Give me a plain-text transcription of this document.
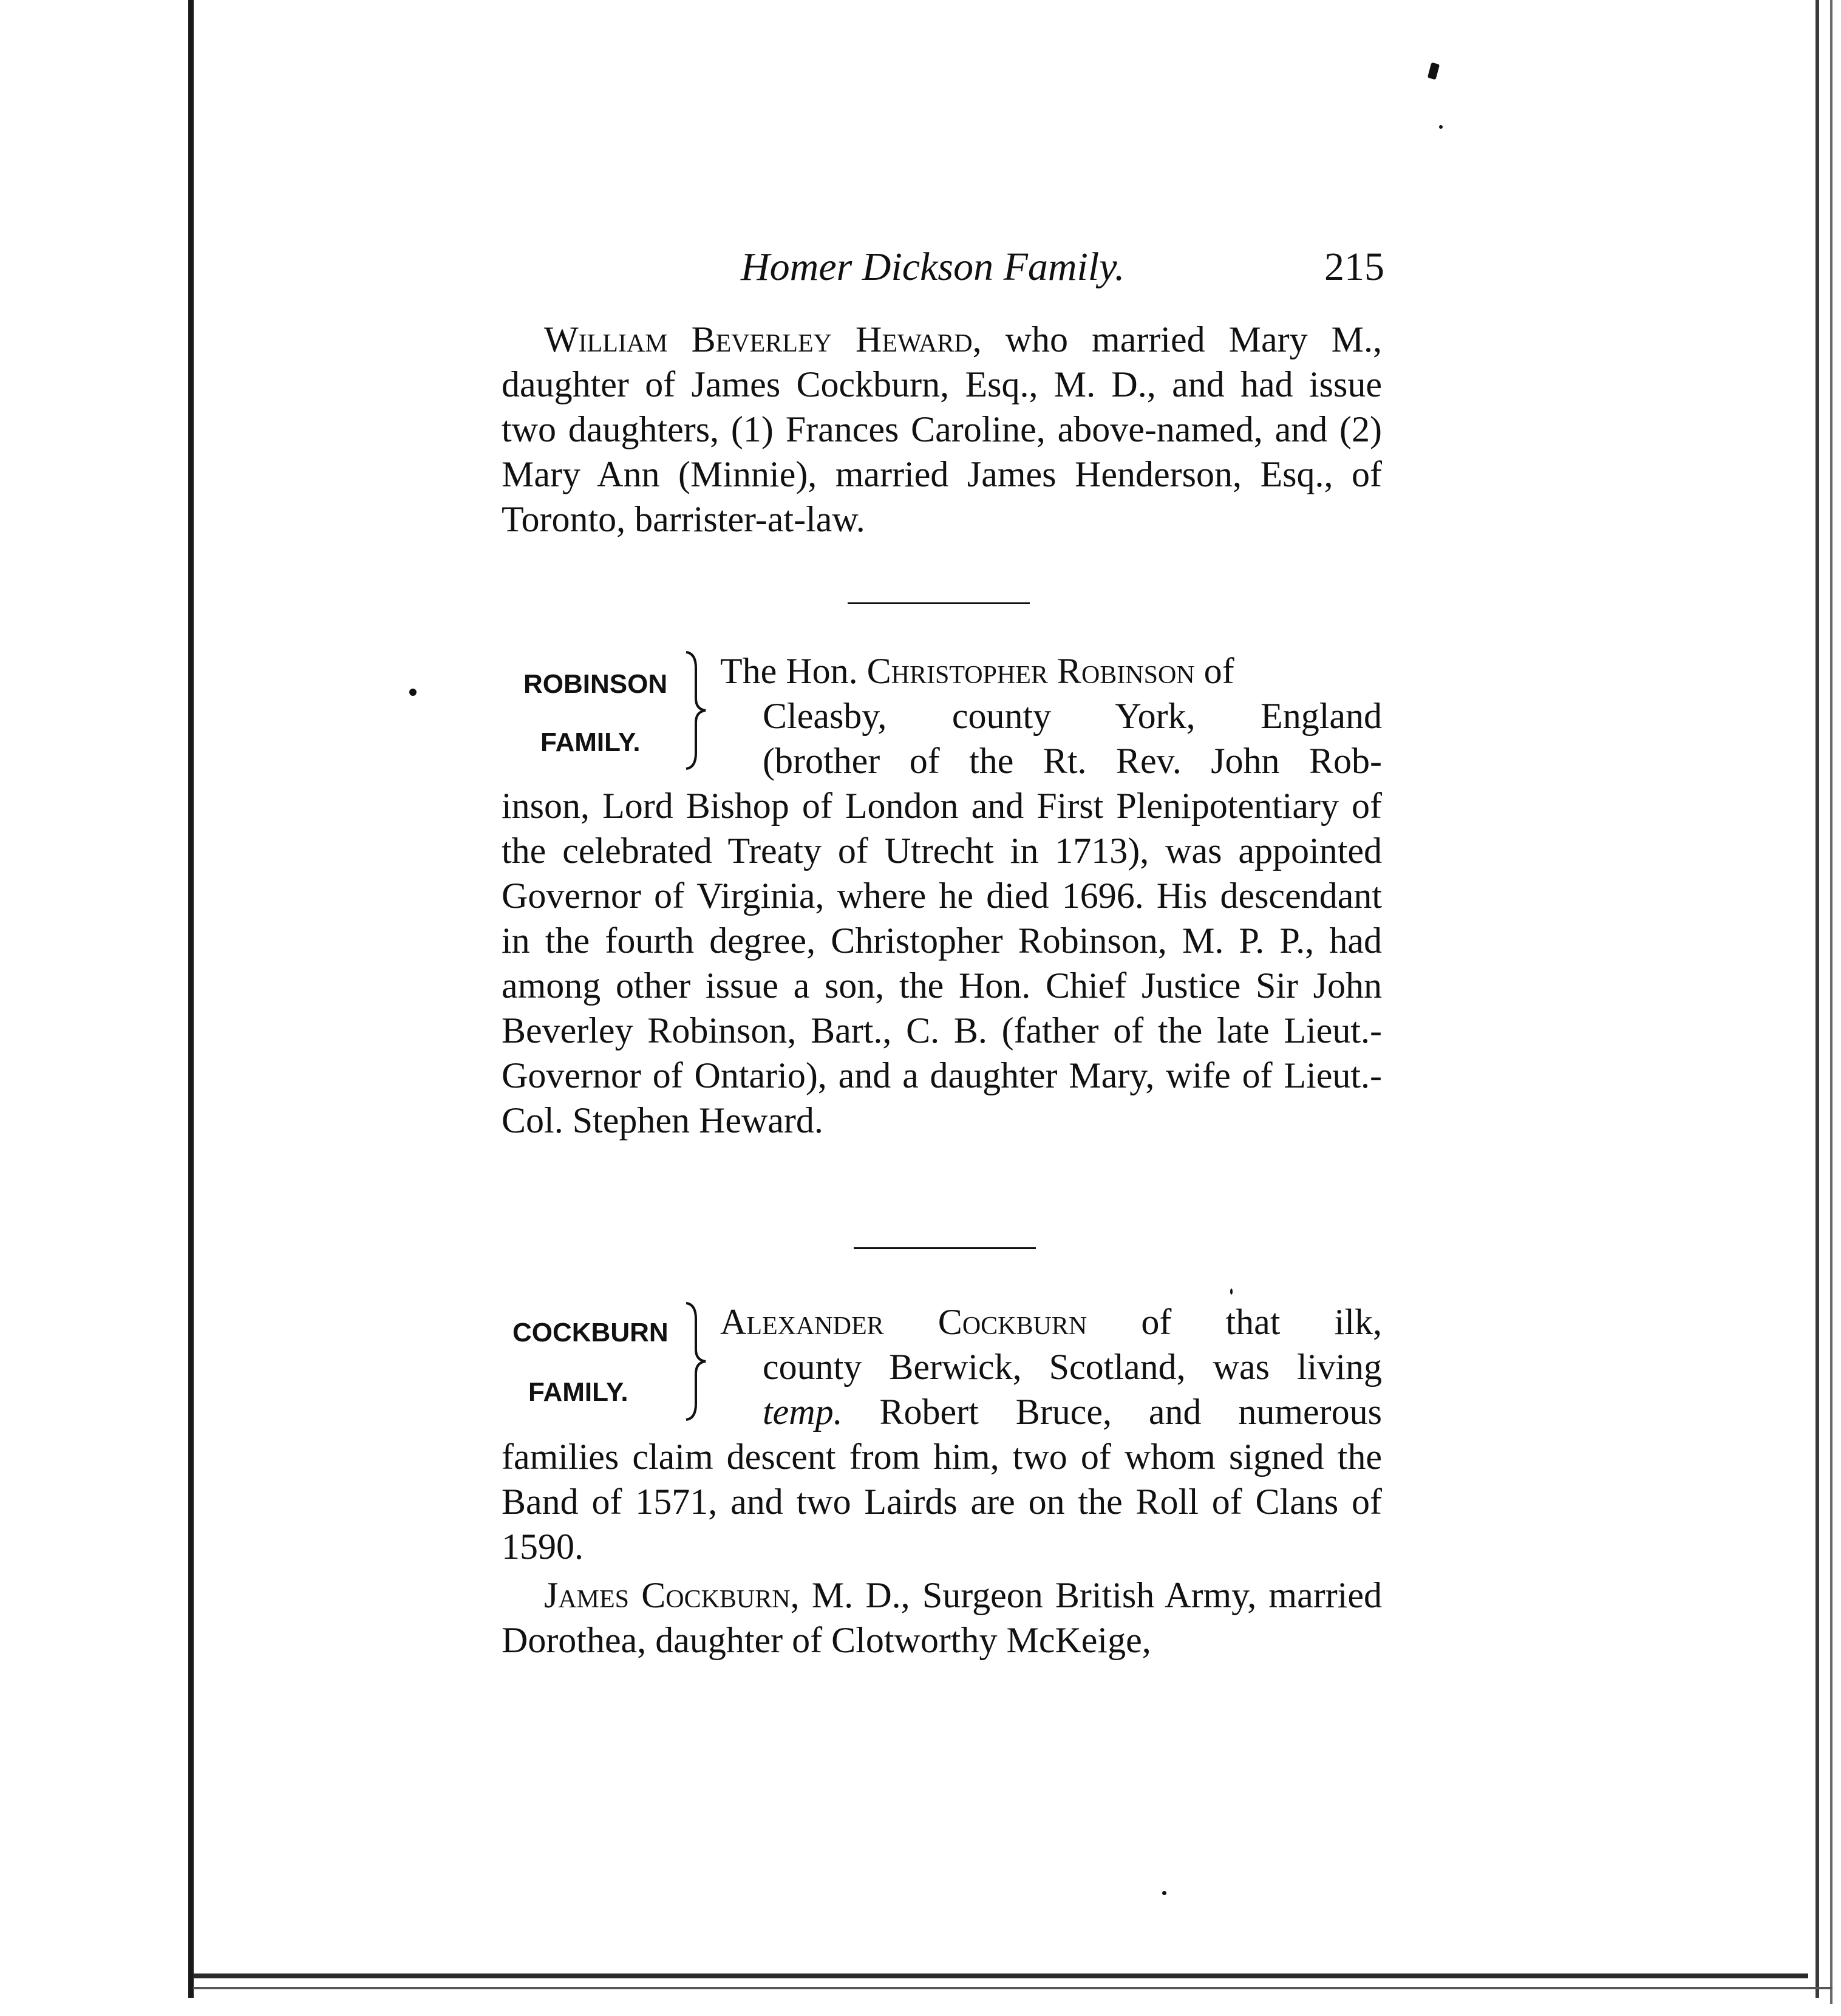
Homer Dickson Family.	215

William Beverley Heward, who married Mary M., daughter of James Cockburn, Esq., M. D., and had issue two daughters, (1) Frances Caroline, above-named, and (2) Mary Ann (Minnie), married James Henderson, Esq., of Toronto, barrister-at-law.

ROBINSON
FAMILY.

The Hon. Christopher Robinson of

Cleasby, county York, England

(brother of the Rt. Rev. John Rob-

inson, Lord Bishop of London and First Plenipotentiary of the celebrated Treaty of Utrecht in 1713), was appointed Governor of Virginia, where he died 1696. His descendant in the fourth degree, Christopher Robinson, M. P. P., had among other issue a son, the Hon. Chief Justice Sir John Beverley Robinson, Bart., C. B. (father of the late Lieut.-Governor of Ontario), and a daughter Mary, wife of Lieut.-Col. Stephen Heward.

COCKBURN
FAMILY.

Alexander Cockburn of that ilk,

county Berwick, Scotland, was living

temp. Robert Bruce, and numerous

families claim descent from him, two of whom signed the Band of 1571, and two Lairds are on the Roll of Clans of 1590.

James Cockburn, M. D., Surgeon British Army, married Dorothea, daughter of Clotworthy McKeige,
